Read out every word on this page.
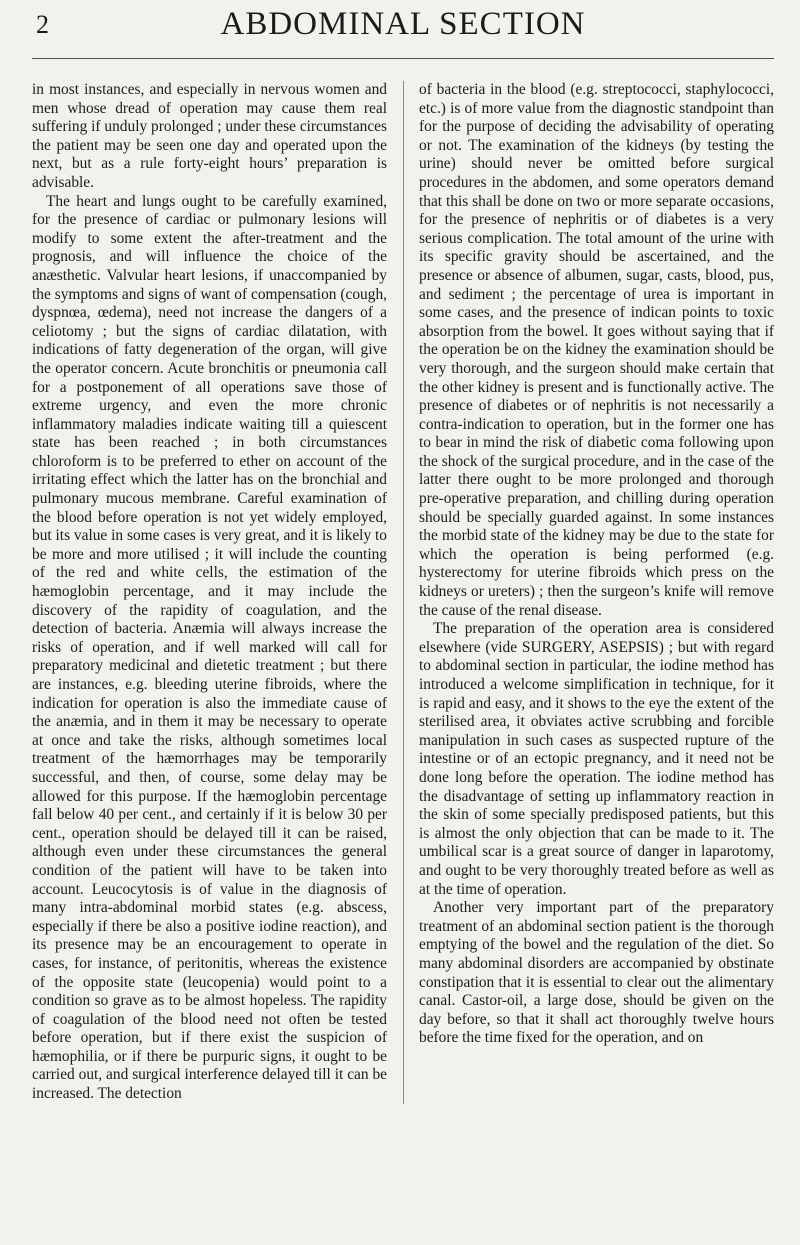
2	ABDOMINAL SECTION

in most instances, and especially in nervous women and men whose dread of operation may cause them real suffering if unduly prolonged ; under these circumstances the patient may be seen one day and operated upon the next, but as a rule forty-eight hours’ preparation is advisable.

The heart and lungs ought to be carefully examined, for the presence of cardiac or pulmonary lesions will modify to some extent the after-treatment and the prognosis, and will influence the choice of the anæsthetic. Valvular heart lesions, if unaccompanied by the symptoms and signs of want of compensation (cough, dyspnœa, œdema), need not increase the dangers of a celiotomy ; but the signs of cardiac dilatation, with indications of fatty degeneration of the organ, will give the operator concern. Acute bronchitis or pneumonia call for a postponement of all operations save those of extreme urgency, and even the more chronic inflammatory maladies indicate waiting till a quiescent state has been reached ; in both circumstances chloroform is to be preferred to ether on account of the irritating effect which the latter has on the bronchial and pulmonary mucous membrane. Careful examination of the blood before operation is not yet widely employed, but its value in some cases is very great, and it is likely to be more and more utilised ; it will include the counting of the red and white cells, the estimation of the hæmoglobin percentage, and it may include the discovery of the rapidity of coagulation, and the detection of bacteria. Anæmia will always increase the risks of operation, and if well marked will call for preparatory medicinal and dietetic treatment ; but there are instances, e.g. bleeding uterine fibroids, where the indication for operation is also the immediate cause of the anæmia, and in them it may be necessary to operate at once and take the risks, although sometimes local treatment of the hæmorrhages may be temporarily successful, and then, of course, some delay may be allowed for this purpose. If the hæmoglobin percentage fall below 40 per cent., and certainly if it is below 30 per cent., operation should be delayed till it can be raised, although even under these circumstances the general condition of the patient will have to be taken into account. Leucocytosis is of value in the diagnosis of many intra-abdominal morbid states (e.g. abscess, especially if there be also a positive iodine reaction), and its presence may be an encouragement to operate in cases, for instance, of peritonitis, whereas the existence of the opposite state (leucopenia) would point to a condition so grave as to be almost hopeless. The rapidity of coagulation of the blood need not often be tested before operation, but if there exist the suspicion of hæmophilia, or if there be purpuric signs, it ought to be carried out, and surgical interference delayed till it can be increased. The detection

of bacteria in the blood (e.g. streptococci, staphylococci, etc.) is of more value from the diagnostic standpoint than for the purpose of deciding the advisability of operating or not. The examination of the kidneys (by testing the urine) should never be omitted before surgical procedures in the abdomen, and some operators demand that this shall be done on two or more separate occasions, for the presence of nephritis or of diabetes is a very serious complication. The total amount of the urine with its specific gravity should be ascertained, and the presence or absence of albumen, sugar, casts, blood, pus, and sediment ; the percentage of urea is important in some cases, and the presence of indican points to toxic absorption from the bowel. It goes without saying that if the operation be on the kidney the examination should be very thorough, and the surgeon should make certain that the other kidney is present and is functionally active. The presence of diabetes or of nephritis is not necessarily a contra-indication to operation, but in the former one has to bear in mind the risk of diabetic coma following upon the shock of the surgical procedure, and in the case of the latter there ought to be more prolonged and thorough pre-operative preparation, and chilling during operation should be specially guarded against. In some instances the morbid state of the kidney may be due to the state for which the operation is being performed (e.g. hysterectomy for uterine fibroids which press on the kidneys or ureters) ; then the surgeon’s knife will remove the cause of the renal disease.

The preparation of the operation area is considered elsewhere (vide SURGERY, ASEPSIS) ; but with regard to abdominal section in particular, the iodine method has introduced a welcome simplification in technique, for it is rapid and easy, and it shows to the eye the extent of the sterilised area, it obviates active scrubbing and forcible manipulation in such cases as suspected rupture of the intestine or of an ectopic pregnancy, and it need not be done long before the operation. The iodine method has the disadvantage of setting up inflammatory reaction in the skin of some specially predisposed patients, but this is almost the only objection that can be made to it. The umbilical scar is a great source of danger in laparotomy, and ought to be very thoroughly treated before as well as at the time of operation.

Another very important part of the preparatory treatment of an abdominal section patient is the thorough emptying of the bowel and the regulation of the diet. So many abdominal disorders are accompanied by obstinate constipation that it is essential to clear out the alimentary canal. Castor-oil, a large dose, should be given on the day before, so that it shall act thoroughly twelve hours before the time fixed for the operation, and on
